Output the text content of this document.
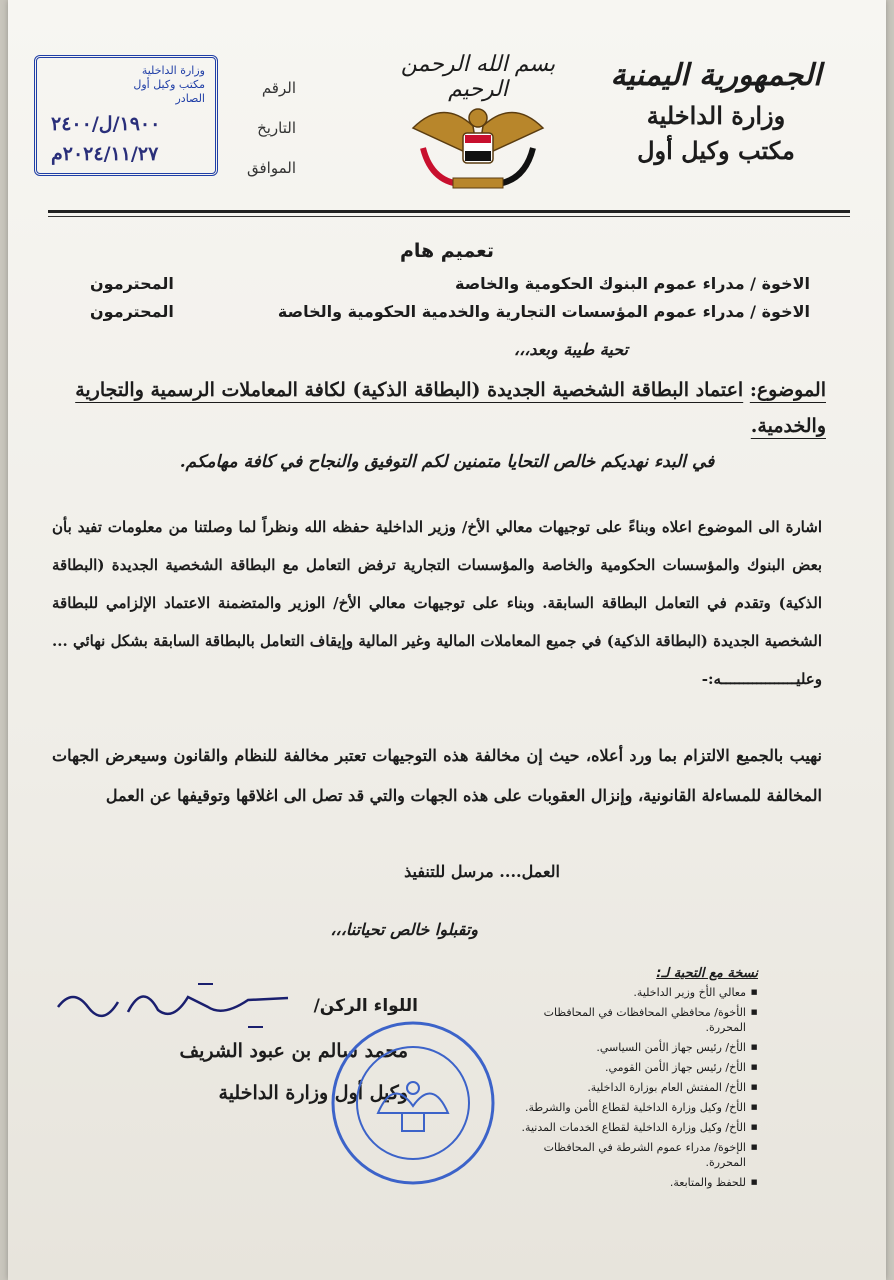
الجمهورية اليمنية
وزارة الداخلية
مكتب وكيل أول
بسم الله الرحمن الرحيم
وزارة الداخلية
مكتب وكيل أول
الصادر
١٩٠٠/ل/٢٤٠٠
٢٠٢٤/١١/٢٧م
الرقم
التاريخ
الموافق
تعميم هام
الاخوة / مدراء عموم البنوك الحكومية والخاصة
المحترمون
الاخوة / مدراء عموم المؤسسات التجارية والخدمية الحكومية والخاصة
المحترمون
تحية طيبة وبعد،،،
الموضوع: اعتماد البطاقة الشخصية الجديدة (البطاقة الذكية) لكافة المعاملات الرسمية والتجارية والخدمية.
في البدء نهديكم خالص التحايا متمنين لكم التوفيق والنجاح في كافة مهامكم.
اشارة الى الموضوع اعلاه وبناءً على توجيهات معالي الأخ/ وزير الداخلية حفظه الله ونظراً لما وصلتنا من معلومات تفيد بأن بعض البنوك والمؤسسات الحكومية والخاصة والمؤسسات التجارية ترفض التعامل مع البطاقة الشخصية الجديدة (البطاقة الذكية) وتقدم في التعامل البطاقة السابقة. وبناء على توجيهات معالي الأخ/ الوزير والمتضمنة الاعتماد الإلزامي للبطاقة الشخصية الجديدة (البطاقة الذكية) في جميع المعاملات المالية وغير المالية وإيقاف التعامل بالبطاقة السابقة بشكل نهائي ... وعليـــــــــــــــــه:-
نهيب بالجميع الالتزام بما ورد أعلاه، حيث إن مخالفة هذه التوجيهات تعتبر مخالفة للنظام والقانون وسيعرض الجهات المخالفة للمساءلة القانونية، وإنزال العقوبات على هذه الجهات والتي قد تصل الى اغلاقها وتوقيفها عن العمل
العمل.... مرسل للتنفيذ
وتقبلوا خالص تحياتنا،،،
اللواء الركن/
محمد سالم بن عبود الشريف
وكيل أول وزارة الداخلية
نسخة مع التحية لـ:
■ معالي الأخ وزير الداخلية.
■ الأخوة/ محافظي المحافظات في المحافظات المحررة.
■ الأخ/ رئيس جهاز الأمن السياسي.
■ الأخ/ رئيس جهاز الأمن القومي.
■ الأخ/ المفتش العام بوزارة الداخلية.
■ الأخ/ وكيل وزارة الداخلية لقطاع الأمن والشرطة.
■ الأخ/ وكيل وزارة الداخلية لقطاع الخدمات المدنية.
■ الإخوة/ مدراء عموم الشرطة في المحافظات المحررة.
■ للحفظ والمتابعة.
